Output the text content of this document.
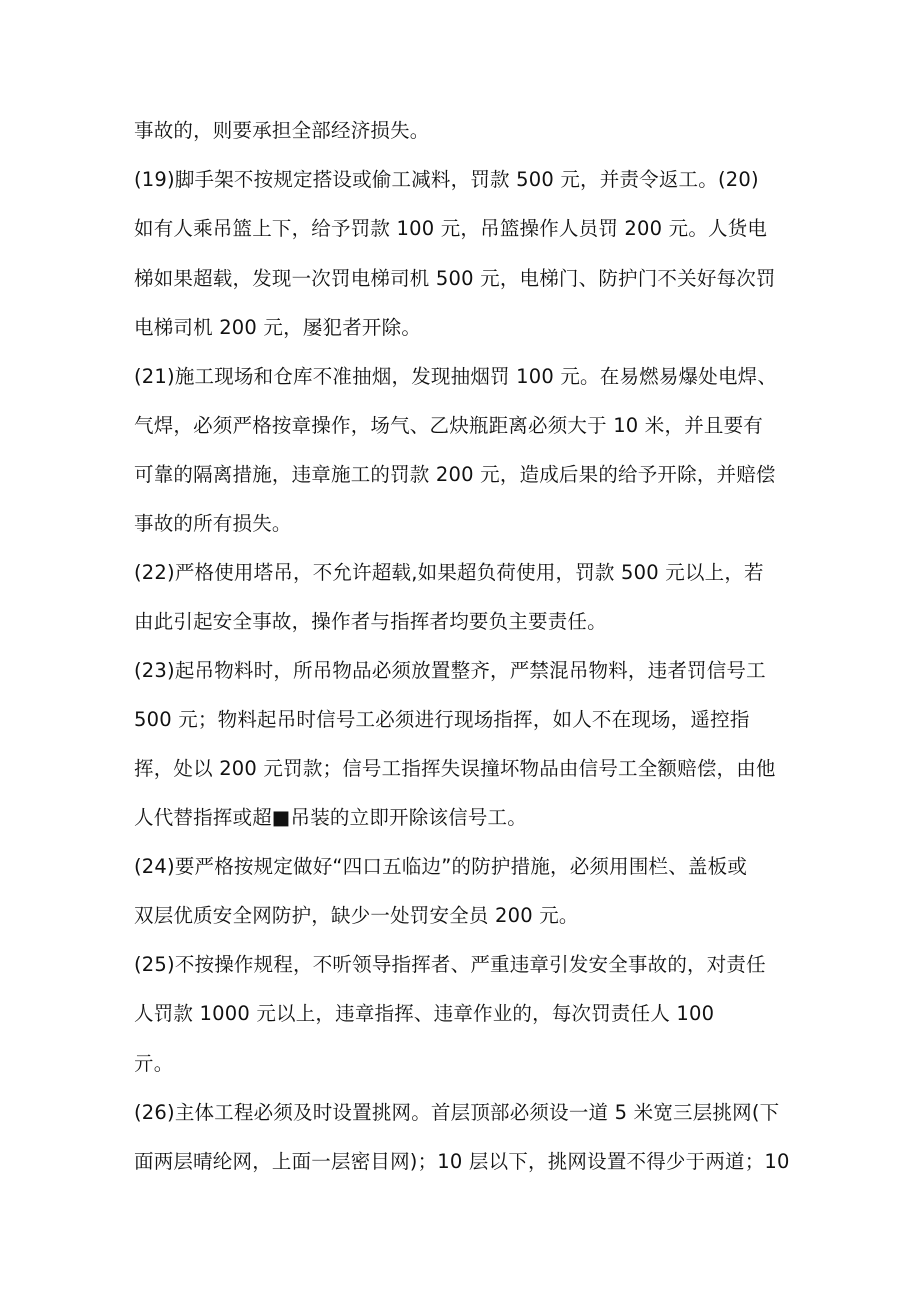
事故的，则要承担全部经济损失。
(19)脚手架不按规定搭设或偷工减料，罚款 500 元，并责令返工。(20)
如有人乘吊篮上下，给予罚款 100 元，吊篮操作人员罚 200 元。人货电
梯如果超载，发现一次罚电梯司机 500 元，电梯门、防护门不关好每次罚
电梯司机 200 元，屡犯者开除。
(21)施工现场和仓库不准抽烟，发现抽烟罚 100 元。在易燃易爆处电焊、
气焊，必须严格按章操作，场气、乙炔瓶距离必须大于 10 米，并且要有
可靠的隔离措施，违章施工的罚款 200 元，造成后果的给予开除，并赔偿
事故的所有损失。
(22)严格使用塔吊，不允许超载,如果超负荷使用，罚款 500 元以上，若
由此引起安全事故，操作者与指挥者均要负主要责任。
(23)起吊物料时，所吊物品必须放置整齐，严禁混吊物料，违者罚信号工
500 元；物料起吊时信号工必须进行现场指挥，如人不在现场，遥控指
挥，处以 200 元罚款；信号工指挥失误撞坏物品由信号工全额赔偿，由他
人代替指挥或超■吊装的立即开除该信号工。
(24)要严格按规定做好“四口五临边”的防护措施，必须用围栏、盖板或
双层优质安全网防护，缺少一处罚安全员 200 元。
(25)不按操作规程，不听领导指挥者、严重违章引发安全事故的，对责任
人罚款 1000 元以上，违章指挥、违章作业的，每次罚责任人 100
亓。
(26)主体工程必须及时设置挑网。首层顶部必须设一道 5 米宽三层挑网(下
面两层晴纶网，上面一层密目网)；10 层以下，挑网设置不得少于两道；10
